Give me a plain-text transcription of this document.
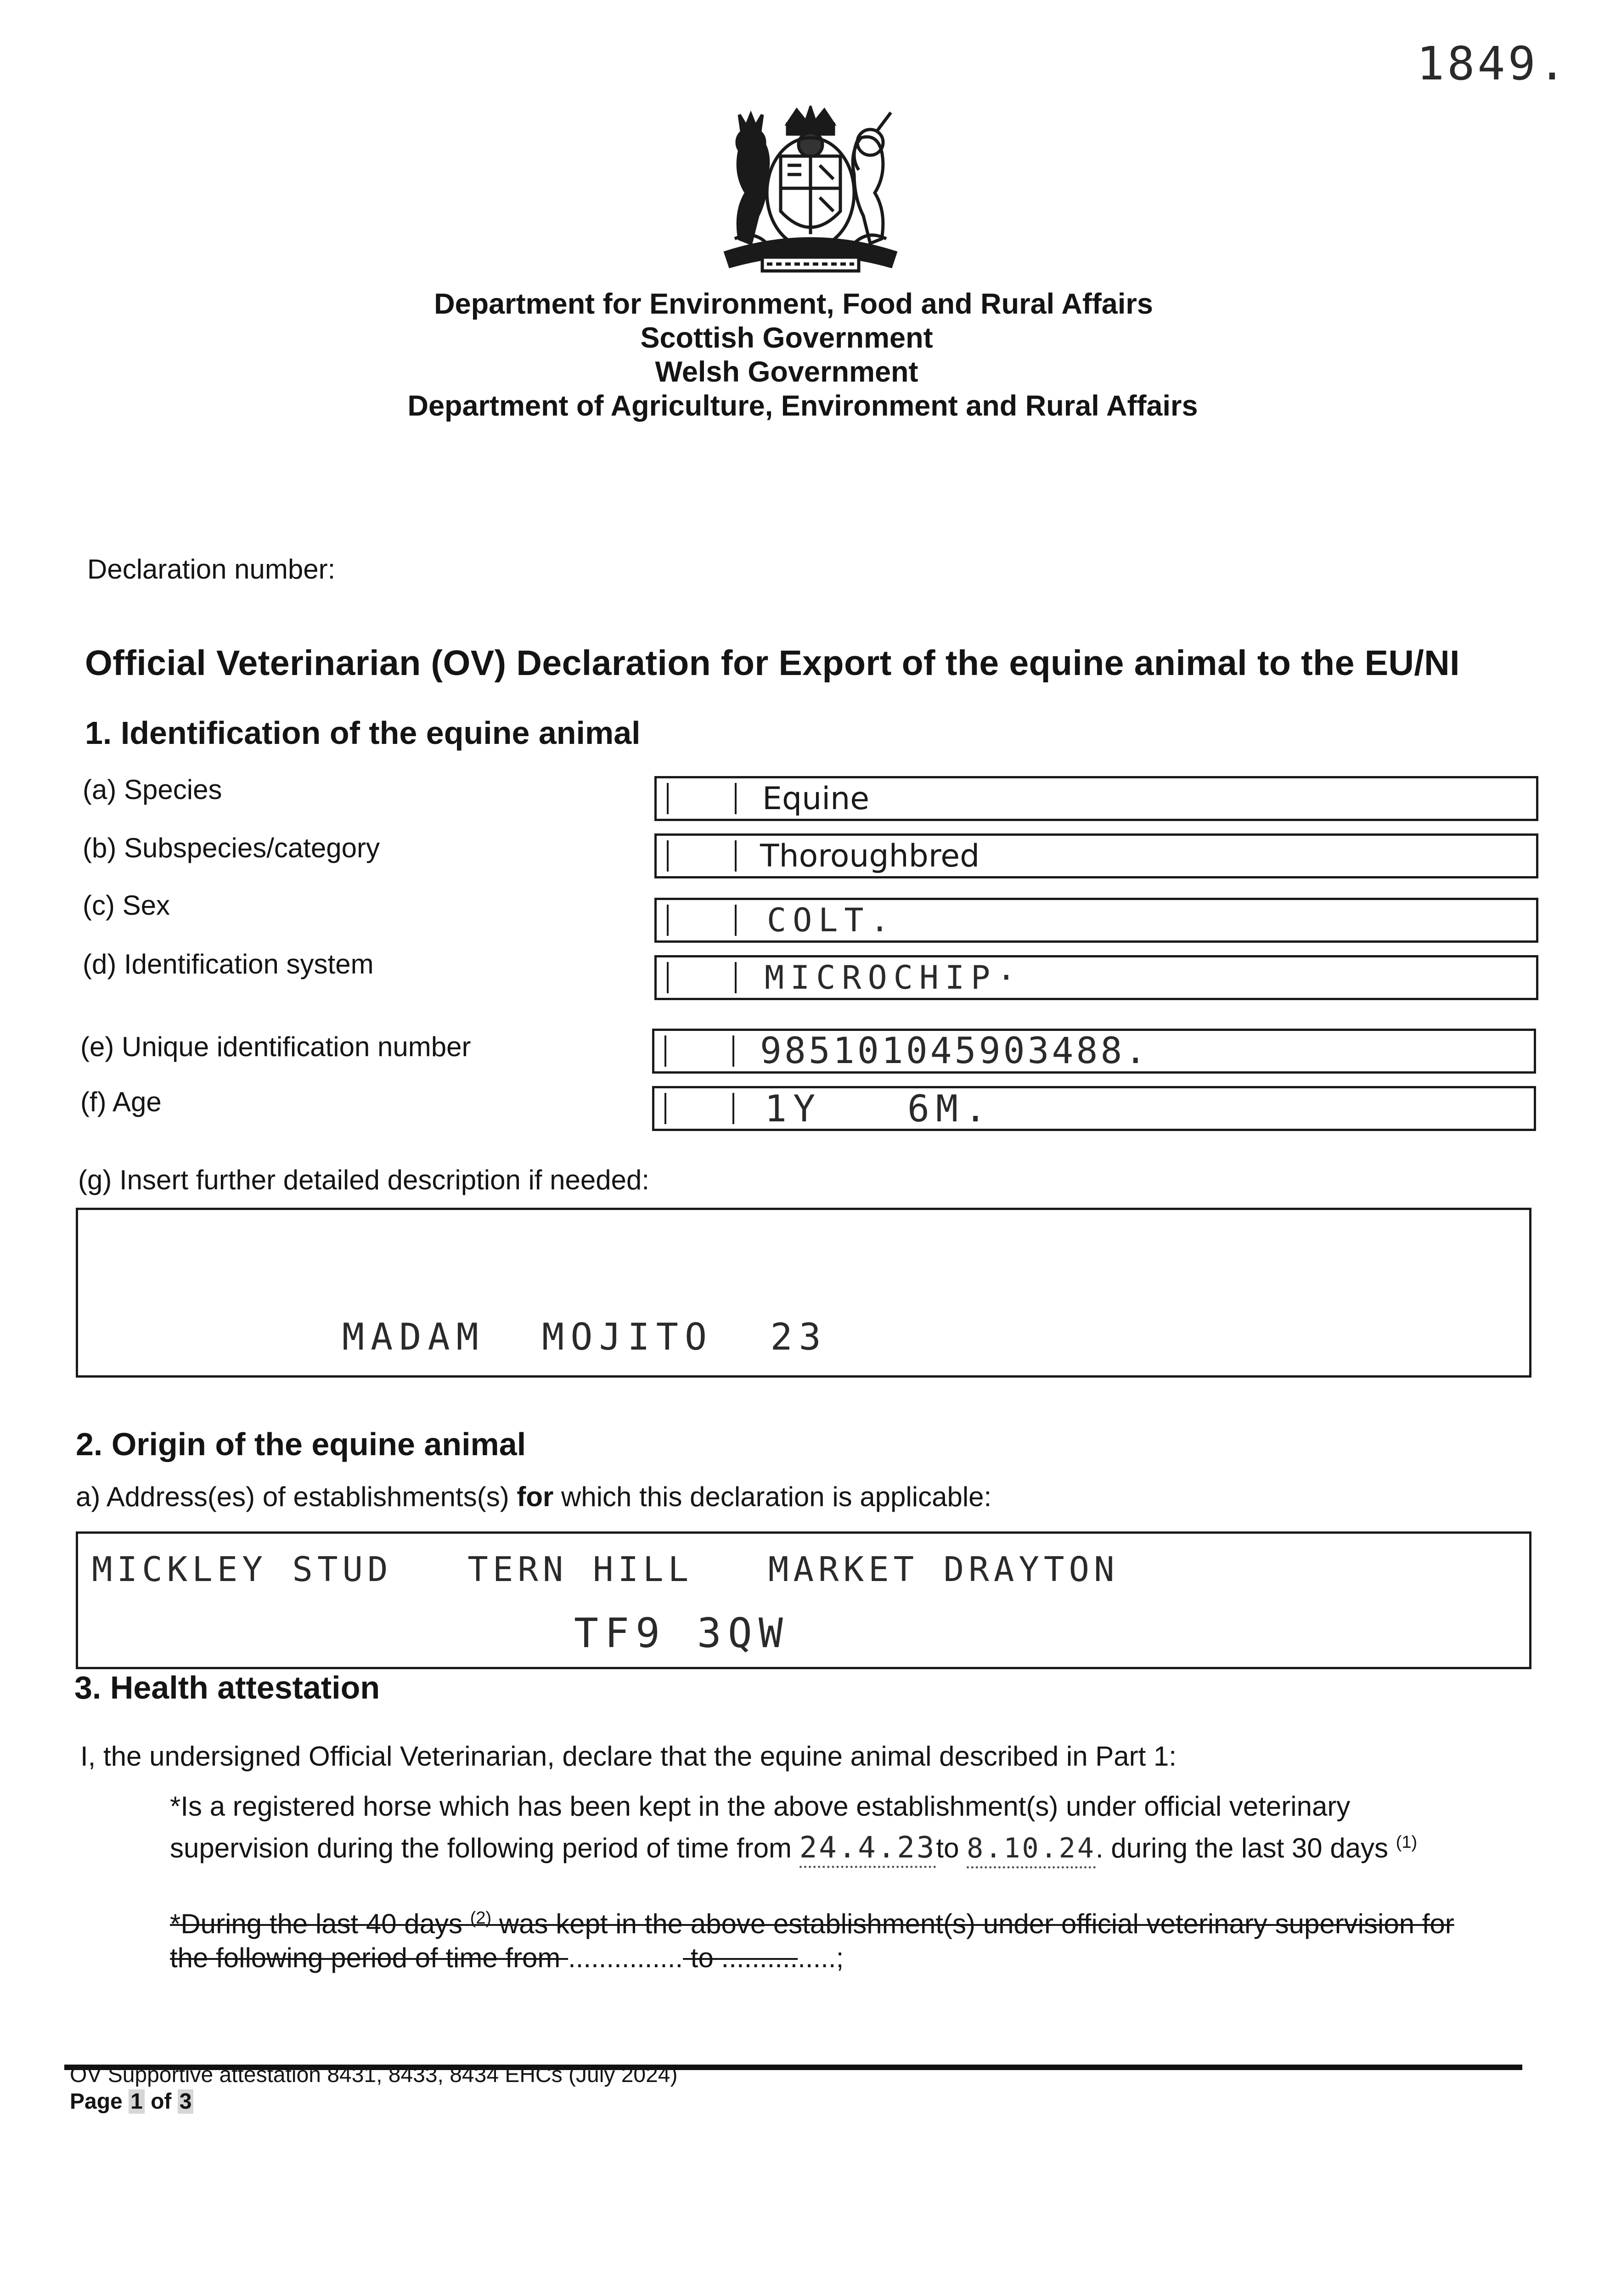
1849.
Department for Environment, Food and Rural Affairs
Scottish Government
Welsh Government
Department of Agriculture, Environment and Rural Affairs
Declaration number:
Official Veterinarian (OV) Declaration for Export of the equine animal to the EU/NI
1. Identification of the equine animal
(a) Species
(b) Subspecies/category
(c) Sex
(d) Identification system
(e) Unique identification number
(f) Age
Equine
Thoroughbred
COLT.
MICROCHIP·
985101045903488.
1Y   6M.
(g) Insert further detailed description if needed:
MADAM  MOJITO  23
2. Origin of the equine animal
a) Address(es) of establishments(s) for which this declaration is applicable:
MICKLEY STUD   TERN HILL   MARKET DRAYTON
TF9 3QW
3. Health attestation
I, the undersigned Official Veterinarian, declare that the equine animal described in Part 1:
*Is a registered horse which has been kept in the above establishment(s) under official veterinary
supervision during the following period of time from 24.4.23to 8.10.24. during the last 30 days $^{(1)}$
*During the last 40 days $^{(2)}$ was kept in the above establishment(s) under official veterinary supervision for
the following period of time from ............... to ...............;
OV Supportive attestation 8431, 8433, 8434 EHCs (July 2024)
Page 1 of 3
